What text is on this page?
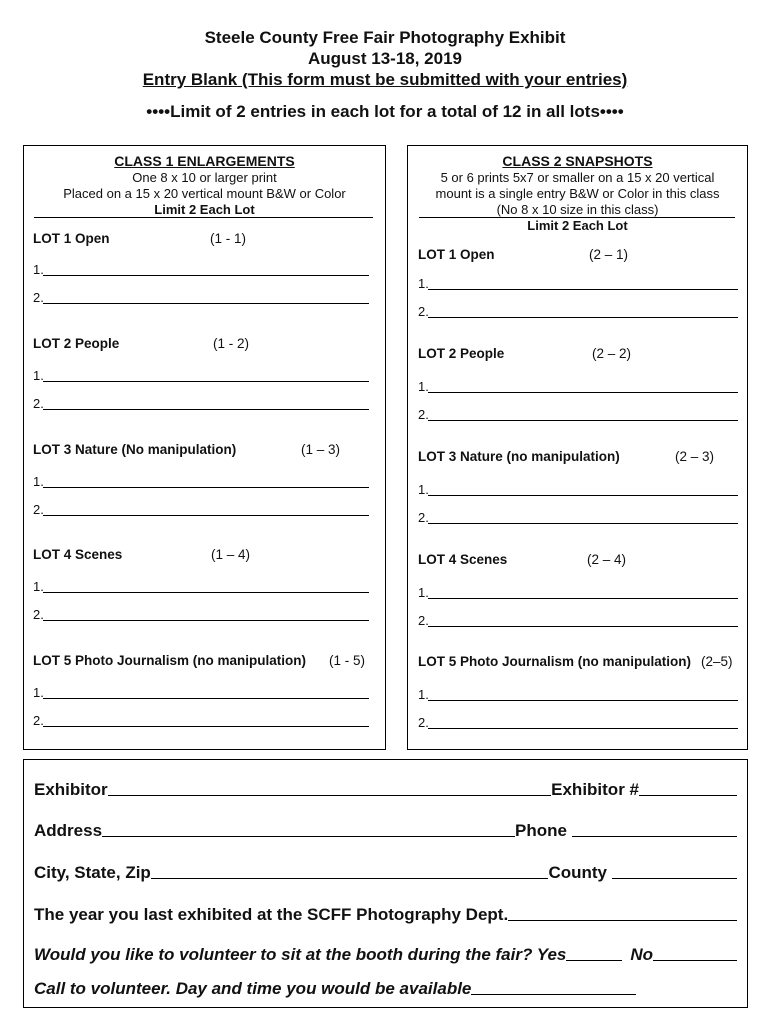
Steele County Free Fair Photography Exhibit
August 13-18, 2019
Entry Blank (This form must be submitted with your entries)
••••Limit of 2 entries in each lot for a total of 12 in all lots••••
CLASS 1 ENLARGEMENTS
One 8 x 10 or larger print
Placed on a 15 x 20 vertical mount B&W or Color
Limit 2 Each Lot
LOT 1 Open	(1 - 1)
1.
2.
LOT 2 People	(1 - 2)
1.
2.
LOT 3 Nature (No manipulation)	(1 – 3)
1.
2.
LOT 4 Scenes	(1 – 4)
1.
2.
LOT 5 Photo Journalism (no manipulation) (1 - 5)
1.
2.
CLASS 2 SNAPSHOTS
5 or 6 prints 5x7 or smaller on a 15 x 20 vertical
mount is a single entry B&W or Color in this class
(No 8 x 10 size in this class)
Limit 2 Each Lot
LOT 1 Open	(2 – 1)
1.
2.
LOT 2 People	(2 – 2)
1.
2.
LOT 3 Nature (no manipulation)	(2 – 3)
1.
2.
LOT 4 Scenes	(2 – 4)
1.
2.
LOT 5 Photo Journalism (no manipulation) (2–5)
1.
2.
Exhibitor	Exhibitor #
Address	Phone
City, State, Zip	County
The year you last exhibited at the SCFF Photography Dept.
Would you like to volunteer to sit at the booth during the fair? Yes	No
Call to volunteer. Day and time you would be available
